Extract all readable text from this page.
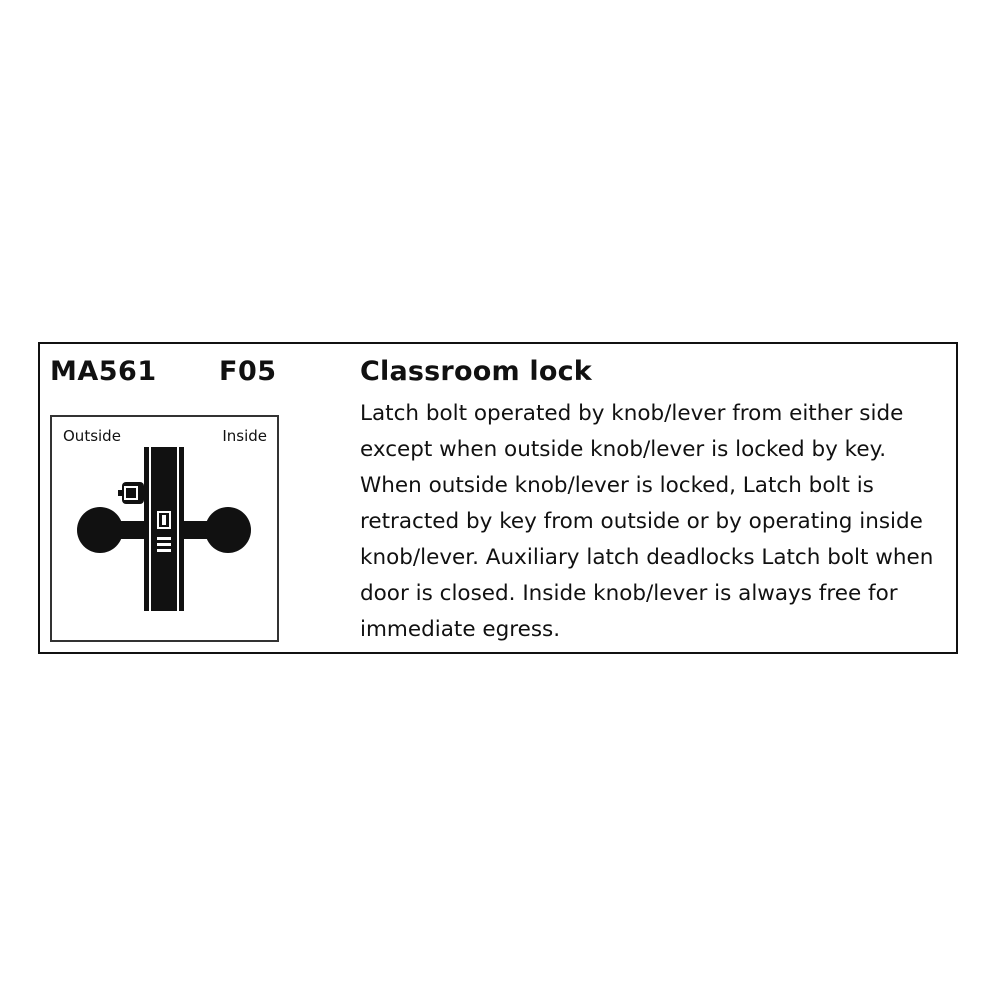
MA561 F05
Outside	Inside
Classroom lock

Latch bolt operated by knob/lever from either side except when outside knob/lever is locked by key. When outside knob/lever is locked, Latch bolt is retracted by key from outside or by operating inside knob/lever. Auxiliary latch deadlocks Latch bolt when door is closed. Inside knob/lever is always free for immediate egress.
